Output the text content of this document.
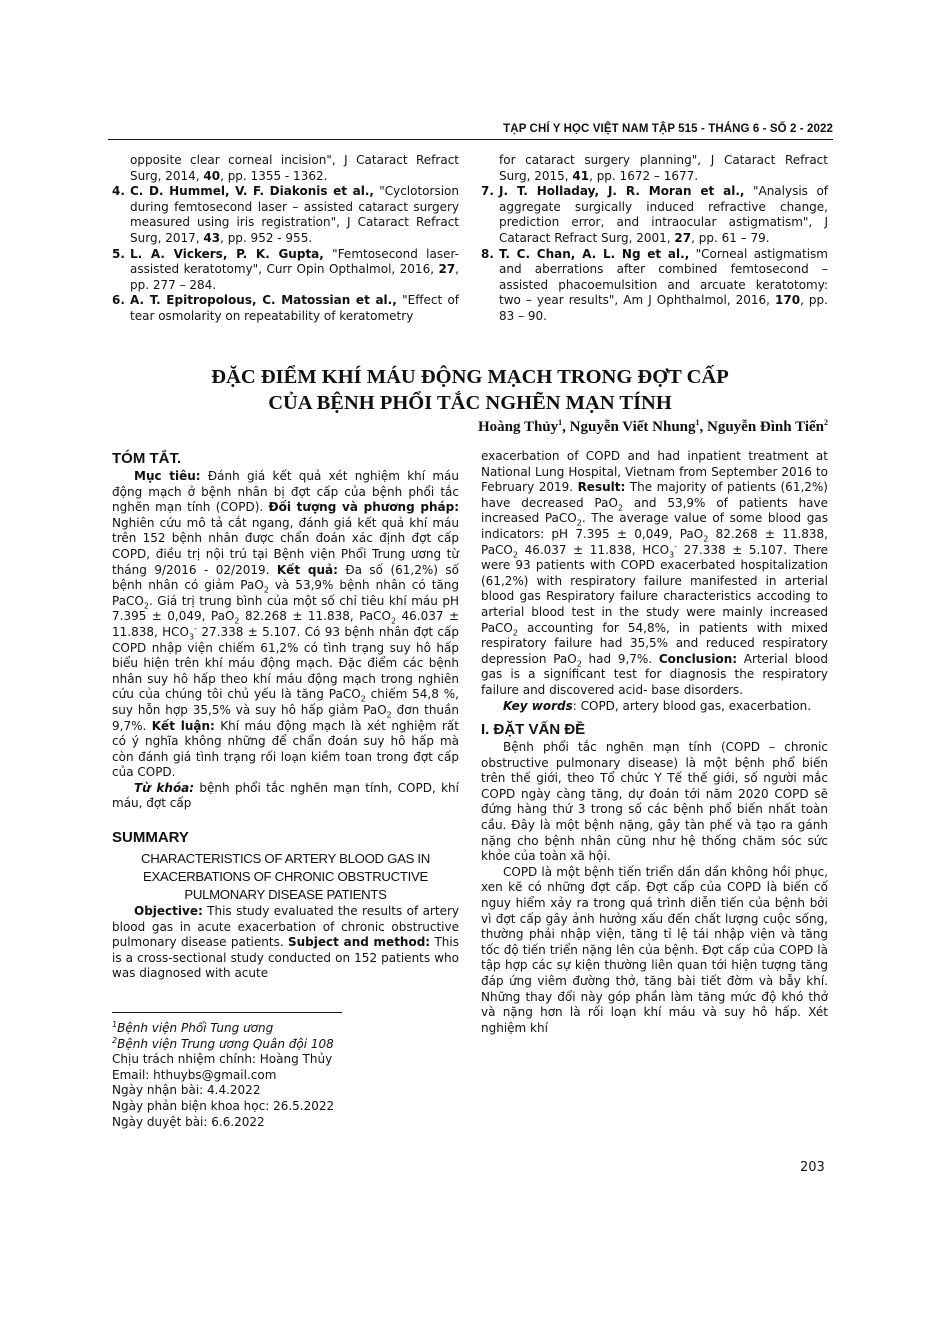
TẠP CHÍ Y HỌC VIỆT NAM TẬP 515 - THÁNG 6 - SỐ 2 - 2022
opposite clear corneal incision", J Cataract Refract Surg, 2014, 40, pp. 1355 - 1362.
4. C. D. Hummel, V. F. Diakonis et al., "Cyclotorsion during femtosecond laser – assisted cataract surgery measured using iris registration", J Cataract Refract Surg, 2017, 43, pp. 952 - 955.
5. L. A. Vickers, P. K. Gupta, "Femtosecond laser-assisted keratotomy", Curr Opin Opthalmol, 2016, 27, pp. 277 – 284.
6. A. T. Epitropolous, C. Matossian et al., "Effect of tear osmolarity on repeatability of keratometry
for cataract surgery planning", J Cataract Refract Surg, 2015, 41, pp. 1672 – 1677.
7. J. T. Holladay, J. R. Moran et al., "Analysis of aggregate surgically induced refractive change, prediction error, and intraocular astigmatism", J Cataract Refract Surg, 2001, 27, pp. 61 – 79.
8. T. C. Chan, A. L. Ng et al., "Corneal astigmatism and aberrations after combined femtosecond – assisted phacoemulsition and arcuate keratotomy: two – year results", Am J Ophthalmol, 2016, 170, pp. 83 – 90.
ĐẶC ĐIỂM KHÍ MÁU ĐỘNG MẠCH TRONG ĐỢT CẤP
CỦA BỆNH PHỔI TẮC NGHẼN MẠN TÍNH
Hoàng Thủy$^1$, Nguyễn Viết Nhung$^1$, Nguyễn Đình Tiến$^2$
TÓM TẮT.

Mục tiêu: Đánh giá kết quả xét nghiệm khí máu động mạch ở bệnh nhân bị đợt cấp của bệnh phổi tắc nghẽn mạn tính (COPD). Đối tượng và phương pháp: Nghiên cứu mô tả cắt ngang, đánh giá kết quả khí máu trên 152 bệnh nhân được chẩn đoán xác định đợt cấp COPD, điều trị nội trú tại Bệnh viện Phổi Trung ương từ tháng 9/2016 - 02/2019. Kết quả: Đa số (61,2%) số bệnh nhân có giảm PaO$_2$ và 53,9% bệnh nhân có tăng PaCO$_2$. Giá trị trung bình của một số chỉ tiêu khí máu pH 7.395 ± 0,049, PaO$_2$ 82.268 ± 11.838, PaCO$_2$ 46.037 ± 11.838, $HCO_3^-$ 27.338 ± 5.107. Có 93 bệnh nhân đợt cấp COPD nhập viện chiếm 61,2% có tình trạng suy hô hấp biểu hiện trên khí máu động mạch. Đặc điểm các bệnh nhân suy hô hấp theo khí máu động mạch trong nghiên cứu của chúng tôi chủ yếu là tăng PaCO$_2$ chiếm 54,8 %, suy hỗn hợp 35,5% và suy hô hấp giảm PaO$_2$ đơn thuần 9,7%. Kết luận: Khí máu động mạch là xét nghiệm rất có ý nghĩa không những để chẩn đoán suy hô hấp mà còn đánh giá tình trạng rối loạn kiềm toan trong đợt cấp của COPD.

Từ khóa: bệnh phổi tắc nghẽn mạn tính, COPD, khí máu, đợt cấp

SUMMARY
CHARACTERISTICS OF ARTERY BLOOD GAS IN EXACERBATIONS OF CHRONIC OBSTRUCTIVE PULMONARY DISEASE PATIENTS

Objective: This study evaluated the results of artery blood gas in acute exacerbation of chronic obstructive pulmonary disease patients. Subject and method: This is a cross-sectional study conducted on 152 patients who was diagnosed with acute

$^1$Bệnh viện Phổi Tung ương
$^2$Bệnh viện Trung ương Quân đội 108
Chịu trách nhiệm chính: Hoàng Thủy
Email: hthuybs@gmail.com
Ngày nhận bài: 4.4.2022
Ngày phản biện khoa học: 26.5.2022
Ngày duyệt bài: 6.6.2022

exacerbation of COPD and had inpatient treatment at National Lung Hospital, Vietnam from September 2016 to February 2019. Result: The majority of patients (61,2%) have decreased PaO$_2$ and 53,9% of patients have increased PaCO$_2$. The average value of some blood gas indicators: pH 7.395 ± 0,049, PaO$_2$ 82.268 ± 11.838, PaCO$_2$ 46.037 ± 11.838, $HCO_3^-$ 27.338 ± 5.107. There were 93 patients with COPD exacerbated hospitalization (61,2%) with respiratory failure manifested in arterial blood gas Respiratory failure characteristics accoding to arterial blood test in the study were mainly increased PaCO$_2$ accounting for 54,8%, in patients with mixed respiratory failure had 35,5% and reduced respiratory depression PaO$_2$ had 9,7%. Conclusion: Arterial blood gas is a significant test for diagnosis the respiratory failure and discovered acid- base disorders.

Key words: COPD, artery blood gas, exacerbation.

I. ĐẶT VẤN ĐỀ

Bệnh phổi tắc nghẽn mạn tính (COPD – chronic obstructive pulmonary disease) là một bệnh phổ biến trên thế giới, theo Tổ chức Y Tế thế giới, số người mắc COPD ngày càng tăng, dự đoán tới năm 2020 COPD sẽ đứng hàng thứ 3 trong số các bệnh phổ biến nhất toàn cầu. Đây là một bệnh nặng, gây tàn phế và tạo ra gánh nặng cho bệnh nhân cũng như hệ thống chăm sóc sức khỏe của toàn xã hội.

COPD là một bệnh tiến triển dần dần không hồi phục, xen kẽ có những đợt cấp. Đợt cấp của COPD là biến cố nguy hiểm xảy ra trong quá trình diễn tiến của bệnh bởi vì đợt cấp gây ảnh hưởng xấu đến chất lượng cuộc sống, thường phải nhập viện, tăng tỉ lệ tái nhập viện và tăng tốc độ tiến triển nặng lên của bệnh. Đợt cấp của COPD là tập hợp các sự kiện thường liên quan tới hiện tượng tăng đáp ứng viêm đường thở, tăng bài tiết đờm và bẫy khí. Những thay đổi này góp phần làm tăng mức độ khó thở và nặng hơn là rối loạn khí máu và suy hô hấp. Xét nghiệm khí

203
